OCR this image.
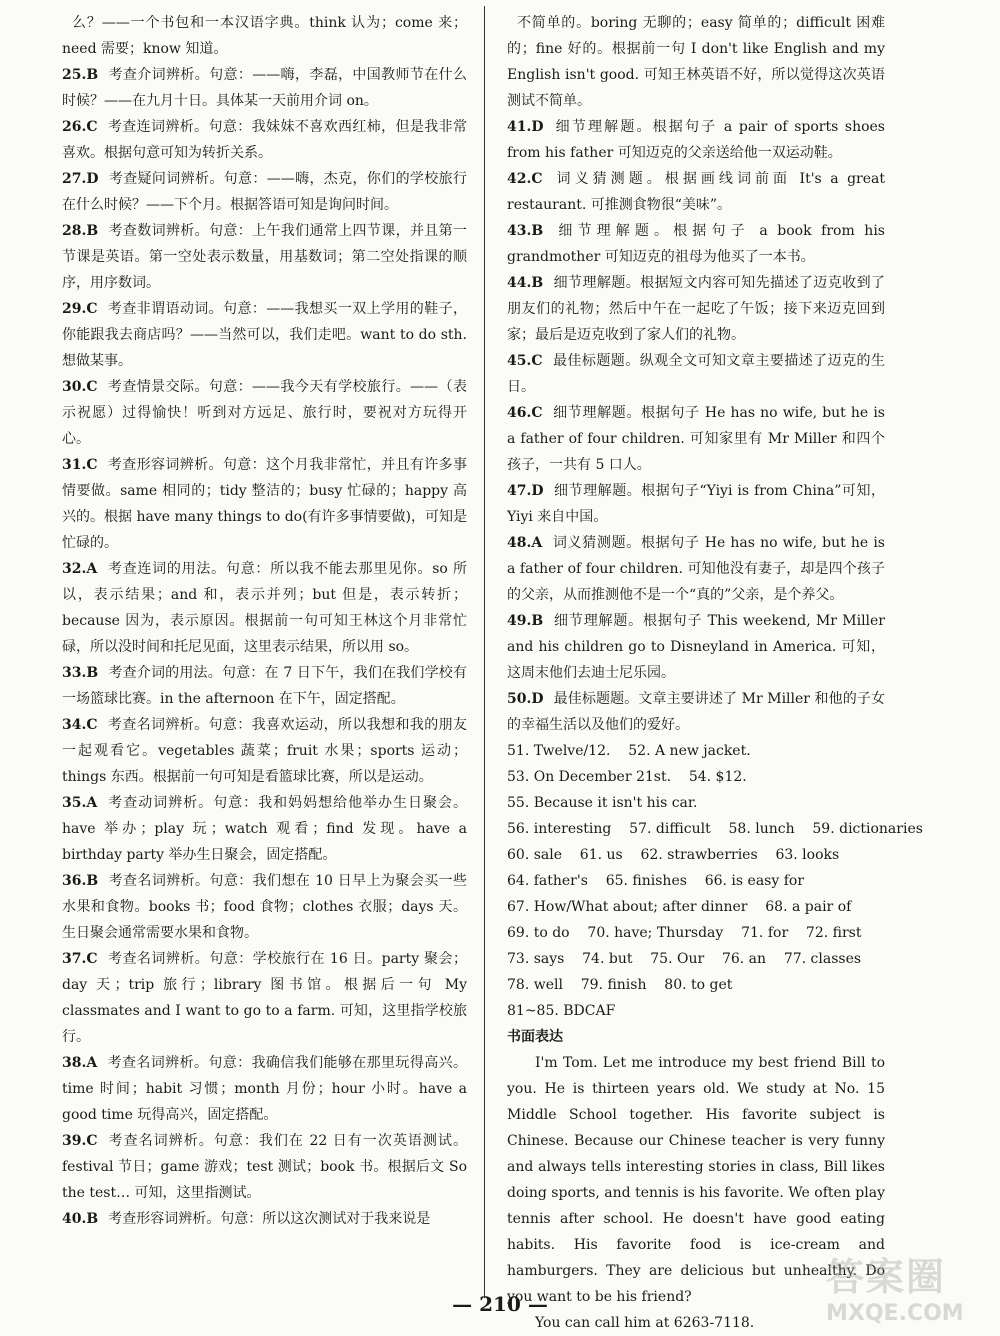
么？——一个书包和一本汉语字典。think 认为；come 来；need 需要；know 知道。
25.B 考查介词辨析。句意：——嗨，李磊，中国教师节在什么时候？——在九月十日。具体某一天前用介词 on。
26.C 考查连词辨析。句意：我妹妹不喜欢西红柿，但是我非常喜欢。根据句意可知为转折关系。
27.D 考查疑问词辨析。句意：——嗨，杰克，你们的学校旅行在什么时候？——下个月。根据答语可知是询问时间。
28.B 考查数词辨析。句意：上午我们通常上四节课，并且第一节课是英语。第一空处表示数量，用基数词；第二空处指课的顺序，用序数词。
29.C 考查非谓语动词。句意：——我想买一双上学用的鞋子，你能跟我去商店吗？——当然可以，我们走吧。want to do sth. 想做某事。
30.C 考查情景交际。句意：——我今天有学校旅行。——（表示祝愿）过得愉快！听到对方远足、旅行时，要祝对方玩得开心。
31.C 考查形容词辨析。句意：这个月我非常忙，并且有许多事情要做。same 相同的；tidy 整洁的；busy 忙碌的；happy 高兴的。根据 have many things to do(有许多事情要做)，可知是忙碌的。
32.A 考查连词的用法。句意：所以我不能去那里见你。so 所以，表示结果；and 和，表示并列；but 但是，表示转折；because 因为，表示原因。根据前一句可知王林这个月非常忙碌，所以没时间和托尼见面，这里表示结果，所以用 so。
33.B 考查介词的用法。句意：在 7 日下午，我们在我们学校有一场篮球比赛。in the afternoon 在下午，固定搭配。
34.C 考查名词辨析。句意：我喜欢运动，所以我想和我的朋友一起观看它。vegetables 蔬菜；fruit 水果；sports 运动；things 东西。根据前一句可知是看篮球比赛，所以是运动。
35.A 考查动词辨析。句意：我和妈妈想给他举办生日聚会。have 举办；play 玩；watch 观看；find 发现。have a birthday party 举办生日聚会，固定搭配。
36.B 考查名词辨析。句意：我们想在 10 日早上为聚会买一些水果和食物。books 书；food 食物；clothes 衣服；days 天。生日聚会通常需要水果和食物。
37.C 考查名词辨析。句意：学校旅行在 16 日。party 聚会；day 天；trip 旅行；library 图书馆。根据后一句 My classmates and I want to go to a farm. 可知，这里指学校旅行。
38.A 考查名词辨析。句意：我确信我们能够在那里玩得高兴。time 时间；habit 习惯；month 月份；hour 小时。have a good time 玩得高兴，固定搭配。
39.C 考查名词辨析。句意：我们在 22 日有一次英语测试。festival 节日；game 游戏；test 测试；book 书。根据后文 So the test… 可知，这里指测试。
40.B 考查形容词辨析。句意：所以这次测试对于我来说是
不简单的。boring 无聊的；easy 简单的；difficult 困难的；fine 好的。根据前一句 I don't like English and my English isn't good. 可知王林英语不好，所以觉得这次英语测试不简单。
41.D 细节理解题。根据句子 a pair of sports shoes from his father 可知迈克的父亲送给他一双运动鞋。
42.C 词义猜测题。根据画线词前面 It's a great restaurant. 可推测食物很“美味”。
43.B 细节理解题。根据句子 a book from his grandmother 可知迈克的祖母为他买了一本书。
44.B 细节理解题。根据短文内容可知先描述了迈克收到了朋友们的礼物；然后中午在一起吃了午饭；接下来迈克回到家；最后是迈克收到了家人们的礼物。
45.C 最佳标题题。纵观全文可知文章主要描述了迈克的生日。
46.C 细节理解题。根据句子 He has no wife, but he is a father of four children. 可知家里有 Mr Miller 和四个孩子，一共有 5 口人。
47.D 细节理解题。根据句子“Yiyi is from China”可知，Yiyi 来自中国。
48.A 词义猜测题。根据句子 He has no wife, but he is a father of four children. 可知他没有妻子，却是四个孩子的父亲，从而推测他不是一个“真的”父亲，是个养父。
49.B 细节理解题。根据句子 This weekend, Mr Miller and his children go to Disneyland in America. 可知，这周末他们去迪士尼乐园。
50.D 最佳标题题。文章主要讲述了 Mr Miller 和他的子女的幸福生活以及他们的爱好。
51. Twelve/12.    52. A new jacket.
53. On December 21st.    54. $12.
55. Because it isn't his car.
56. interesting    57. difficult    58. lunch    59. dictionaries
60. sale    61. us    62. strawberries    63. looks
64. father's    65. finishes    66. is easy for
67. How/What about; after dinner    68. a pair of
69. to do    70. have; Thursday    71. for    72. first
73. says    74. but    75. Our    76. an    77. classes
78. well    79. finish    80. to get
81~85. BDCAF
书面表达

I'm Tom. Let me introduce my best friend Bill to you. He is thirteen years old. We study at No. 15 Middle School together. His favorite subject is Chinese. Because our Chinese teacher is very funny and always tells interesting stories in class, Bill likes doing sports, and tennis is his favorite. We often play tennis after school. He doesn't have good eating habits. His favorite food is ice-cream and hamburgers. They are delicious but unhealthy. Do you want to be his friend?

You can call him at 6263-7118.

— 210 —
答案圈
MXQE.COM
